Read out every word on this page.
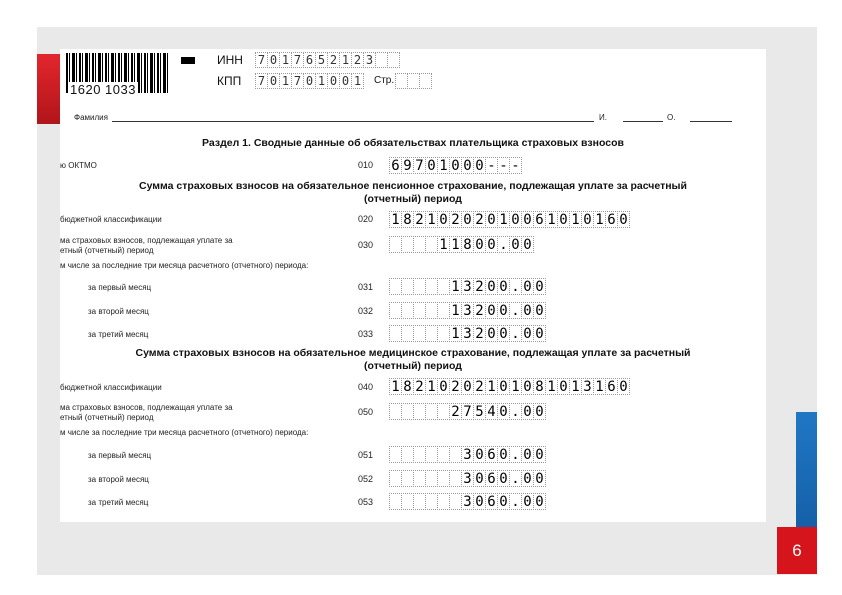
6
1620 1033
ИНН 7 0 1 7 6 5 2 1 2 3
КПП 7 0 1 7 0 1 0 0 1 Стр.
Фамилия	И.	О.
Раздел 1. Сводные данные об обязательствах плательщика страховых взносов
ю ОКТМО	010 6 9 7 0 1 0 0 0 - - -
Сумма страховых взносов на обязательное пенсионное страхование, подлежащая уплате за расчетный
(отчетный) период
бюджетной классификации	020 1 8 2 1 0 2 0 2 0 1 0 0 6 1 0 1 0 1 6 0
ма страховых взносов, подлежащая уплате за
етный (отчетный) период
030	1 1 8 0 0 . 0 0
м числе за последние три месяца расчетного (отчетного) периода:
за первый месяц	031	1 3 2 0 0 . 0 0
за второй месяц	032	1 3 2 0 0 . 0 0
за третий месяц	033	1 3 2 0 0 . 0 0
Сумма страховых взносов на обязательное медицинское страхование, подлежащая уплате за расчетный
(отчетный) период
бюджетной классификации	040 1 8 2 1 0 2 0 2 1 0 1 0 8 1 0 1 3 1 6 0
ма страховых взносов, подлежащая уплате за
етный (отчетный) период
050	2 7 5 4 0 . 0 0
м числе за последние три месяца расчетного (отчетного) периода:
за первый месяц	051	3 0 6 0 . 0 0
за второй месяц	052	3 0 6 0 . 0 0
за третий месяц	053	3 0 6 0 . 0 0
